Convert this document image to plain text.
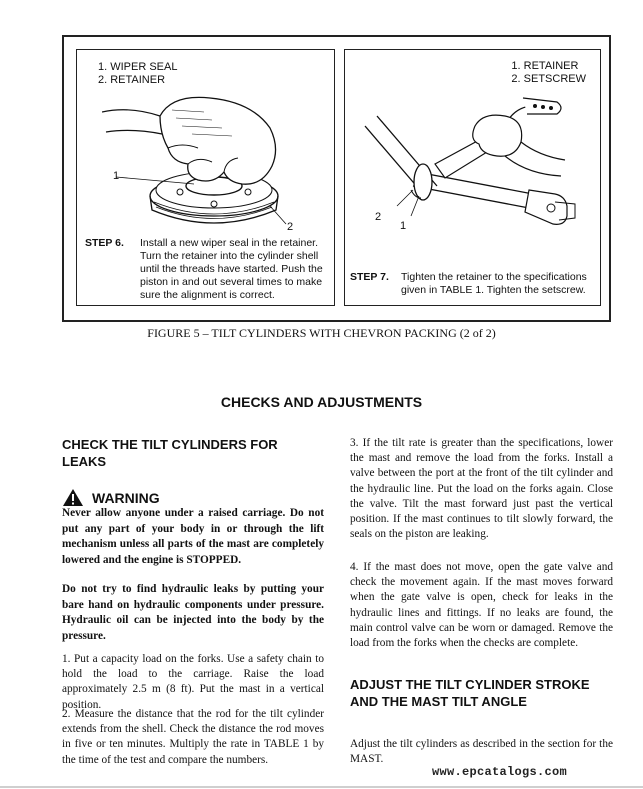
1. WIPER SEAL
2. RETAINER
1
2
STEP 6. Install a new wiper seal in the retainer. Turn the retainer into the cylinder shell until the threads have started. Push the piston in and out several times to make sure the alignment is correct.
1. RETAINER
2. SETSCREW
2
1
STEP 7. Tighten the retainer to the specifications given in TABLE 1. Tighten the setscrew.
FIGURE 5 – TILT CYLINDERS WITH CHEVRON PACKING (2 of 2)
CHECKS AND ADJUSTMENTS
CHECK THE TILT CYLINDERS FOR LEAKS
WARNING
Never allow anyone under a raised carriage. Do not put any part of your body in or through the lift mechanism unless all parts of the mast are completely lowered and the engine is STOPPED.
Do not try to find hydraulic leaks by putting your bare hand on hydraulic components under pressure. Hydraulic oil can be injected into the body by the pressure.
1. Put a capacity load on the forks. Use a safety chain to hold the load to the carriage. Raise the load approximately 2.5 m (8 ft). Put the mast in a vertical position.
2. Measure the distance that the rod for the tilt cylinder extends from the shell. Check the distance the rod moves in five or ten minutes. Multiply the rate in TABLE 1 by the time of the test and compare the numbers.
3. If the tilt rate is greater than the specifications, lower the mast and remove the load from the forks. Install a valve between the port at the front of the tilt cylinder and the hydraulic line. Put the load on the forks again. Close the valve. Tilt the mast forward just past the vertical position. If the mast continues to tilt slowly forward, the seals on the piston are leaking.
4. If the mast does not move, open the gate valve and check the movement again. If the mast moves forward when the gate valve is open, check for leaks in the hydraulic lines and fittings. If no leaks are found, the main control valve can be worn or damaged. Remove the load from the forks when the checks are complete.
ADJUST THE TILT CYLINDER STROKE AND THE MAST TILT ANGLE
Adjust the tilt cylinders as described in the section for the MAST.
www.epcatalogs.com
